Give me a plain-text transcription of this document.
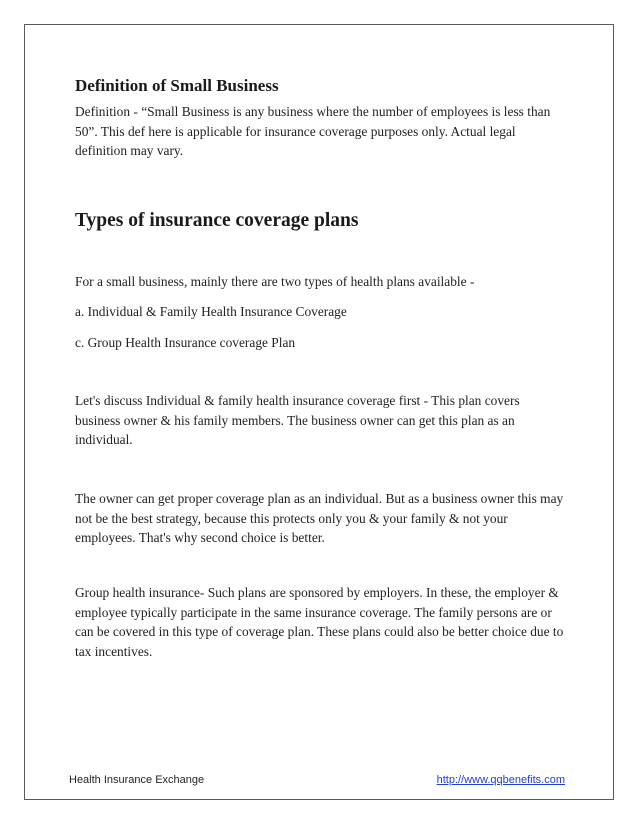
Definition of Small Business

Definition - “Small Business is any business where the number of employees is less than 50”. This def here is applicable for insurance coverage purposes only. Actual legal definition may vary.

Types of insurance coverage plans

For a small business, mainly there are two types of health plans available -

a. Individual & Family Health Insurance Coverage

c. Group Health Insurance coverage Plan

Let's discuss Individual & family health insurance coverage first - This plan covers business owner & his family members. The business owner can get this plan as an individual.

The owner can get proper coverage plan as an individual. But as a business owner this may not be the best strategy, because this protects only you & your family & not your employees. That's why second choice is better.

Group health insurance- Such plans are sponsored by employers. In these, the employer & employee typically participate in the same insurance coverage. The family persons are or can be covered in this type of coverage plan. These plans could also be better choice due to tax incentives.

Health Insurance Exchange	http://www.qqbenefits.com
